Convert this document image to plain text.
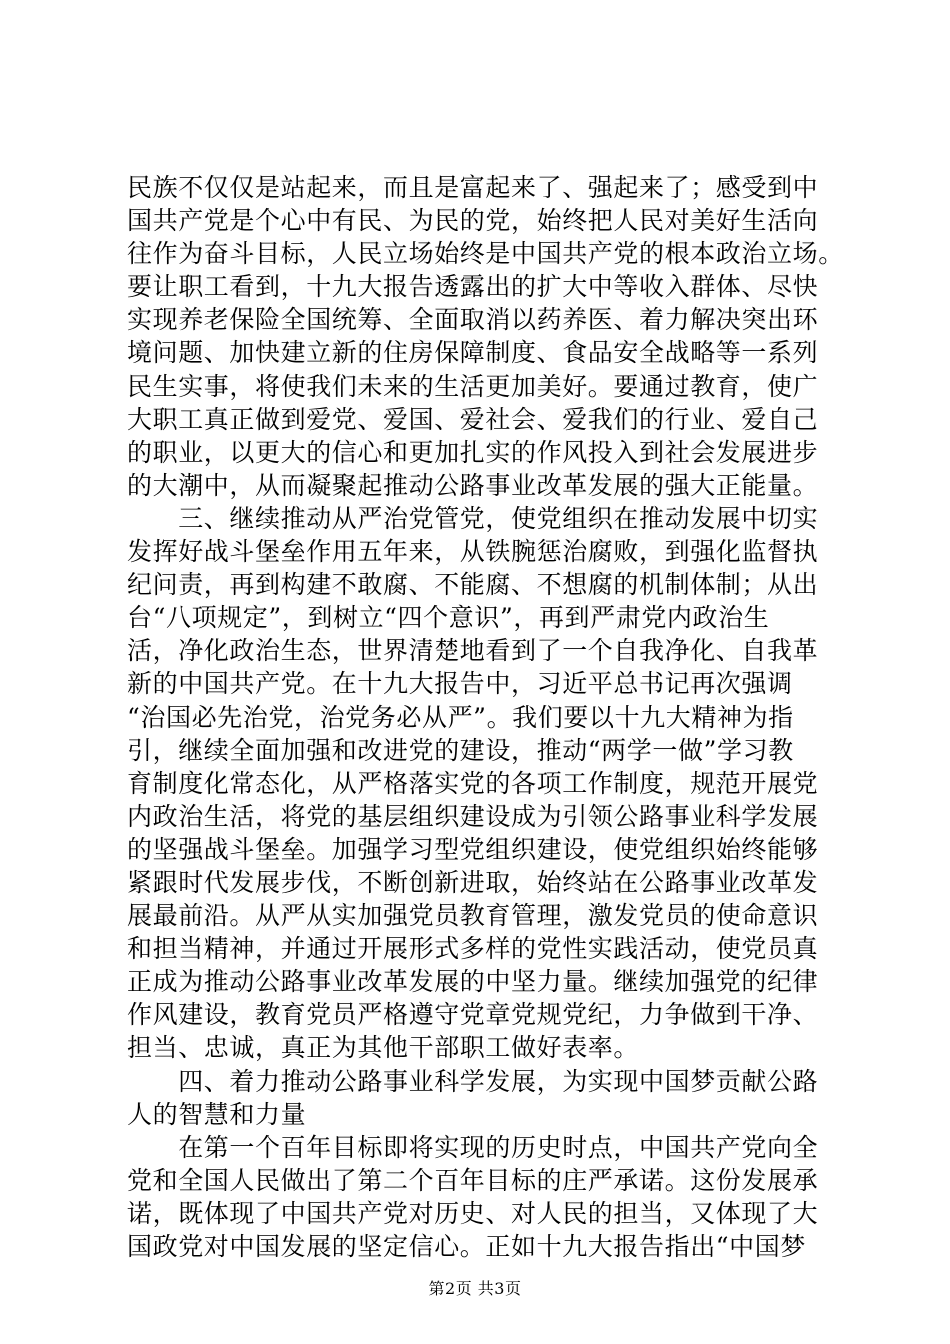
民族不仅仅是站起来，而且是富起来了、强起来了；感受到中
国共产党是个心中有民、为民的党，始终把人民对美好生活向
往作为奋斗目标，人民立场始终是中国共产党的根本政治立场。
要让职工看到，十九大报告透露出的扩大中等收入群体、尽快
实现养老保险全国统筹、全面取消以药养医、着力解决突出环
境问题、加快建立新的住房保障制度、食品安全战略等一系列
民生实事，将使我们未来的生活更加美好。要通过教育，使广
大职工真正做到爱党、爱国、爱社会、爱我们的行业、爱自己
的职业，以更大的信心和更加扎实的作风投入到社会发展进步
的大潮中，从而凝聚起推动公路事业改革发展的强大正能量。
　　三、继续推动从严治党管党，使党组织在推动发展中切实
发挥好战斗堡垒作用五年来，从铁腕惩治腐败，到强化监督执
纪问责，再到构建不敢腐、不能腐、不想腐的机制体制；从出
台“八项规定”，到树立“四个意识”，再到严肃党内政治生
活，净化政治生态，世界清楚地看到了一个自我净化、自我革
新的中国共产党。在十九大报告中，习近平总书记再次强调
“治国必先治党，治党务必从严”。我们要以十九大精神为指
引，继续全面加强和改进党的建设，推动“两学一做”学习教
育制度化常态化，从严格落实党的各项工作制度，规范开展党
内政治生活，将党的基层组织建设成为引领公路事业科学发展
的坚强战斗堡垒。加强学习型党组织建设，使党组织始终能够
紧跟时代发展步伐，不断创新进取，始终站在公路事业改革发
展最前沿。从严从实加强党员教育管理，激发党员的使命意识
和担当精神，并通过开展形式多样的党性实践活动，使党员真
正成为推动公路事业改革发展的中坚力量。继续加强党的纪律
作风建设，教育党员严格遵守党章党规党纪，力争做到干净、
担当、忠诚，真正为其他干部职工做好表率。
　　四、着力推动公路事业科学发展，为实现中国梦贡献公路
人的智慧和力量
　　在第一个百年目标即将实现的历史时点，中国共产党向全
党和全国人民做出了第二个百年目标的庄严承诺。这份发展承
诺，既体现了中国共产党对历史、对人民的担当，又体现了大
国政党对中国发展的坚定信心。正如十九大报告指出“中国梦
第2页 共3页
